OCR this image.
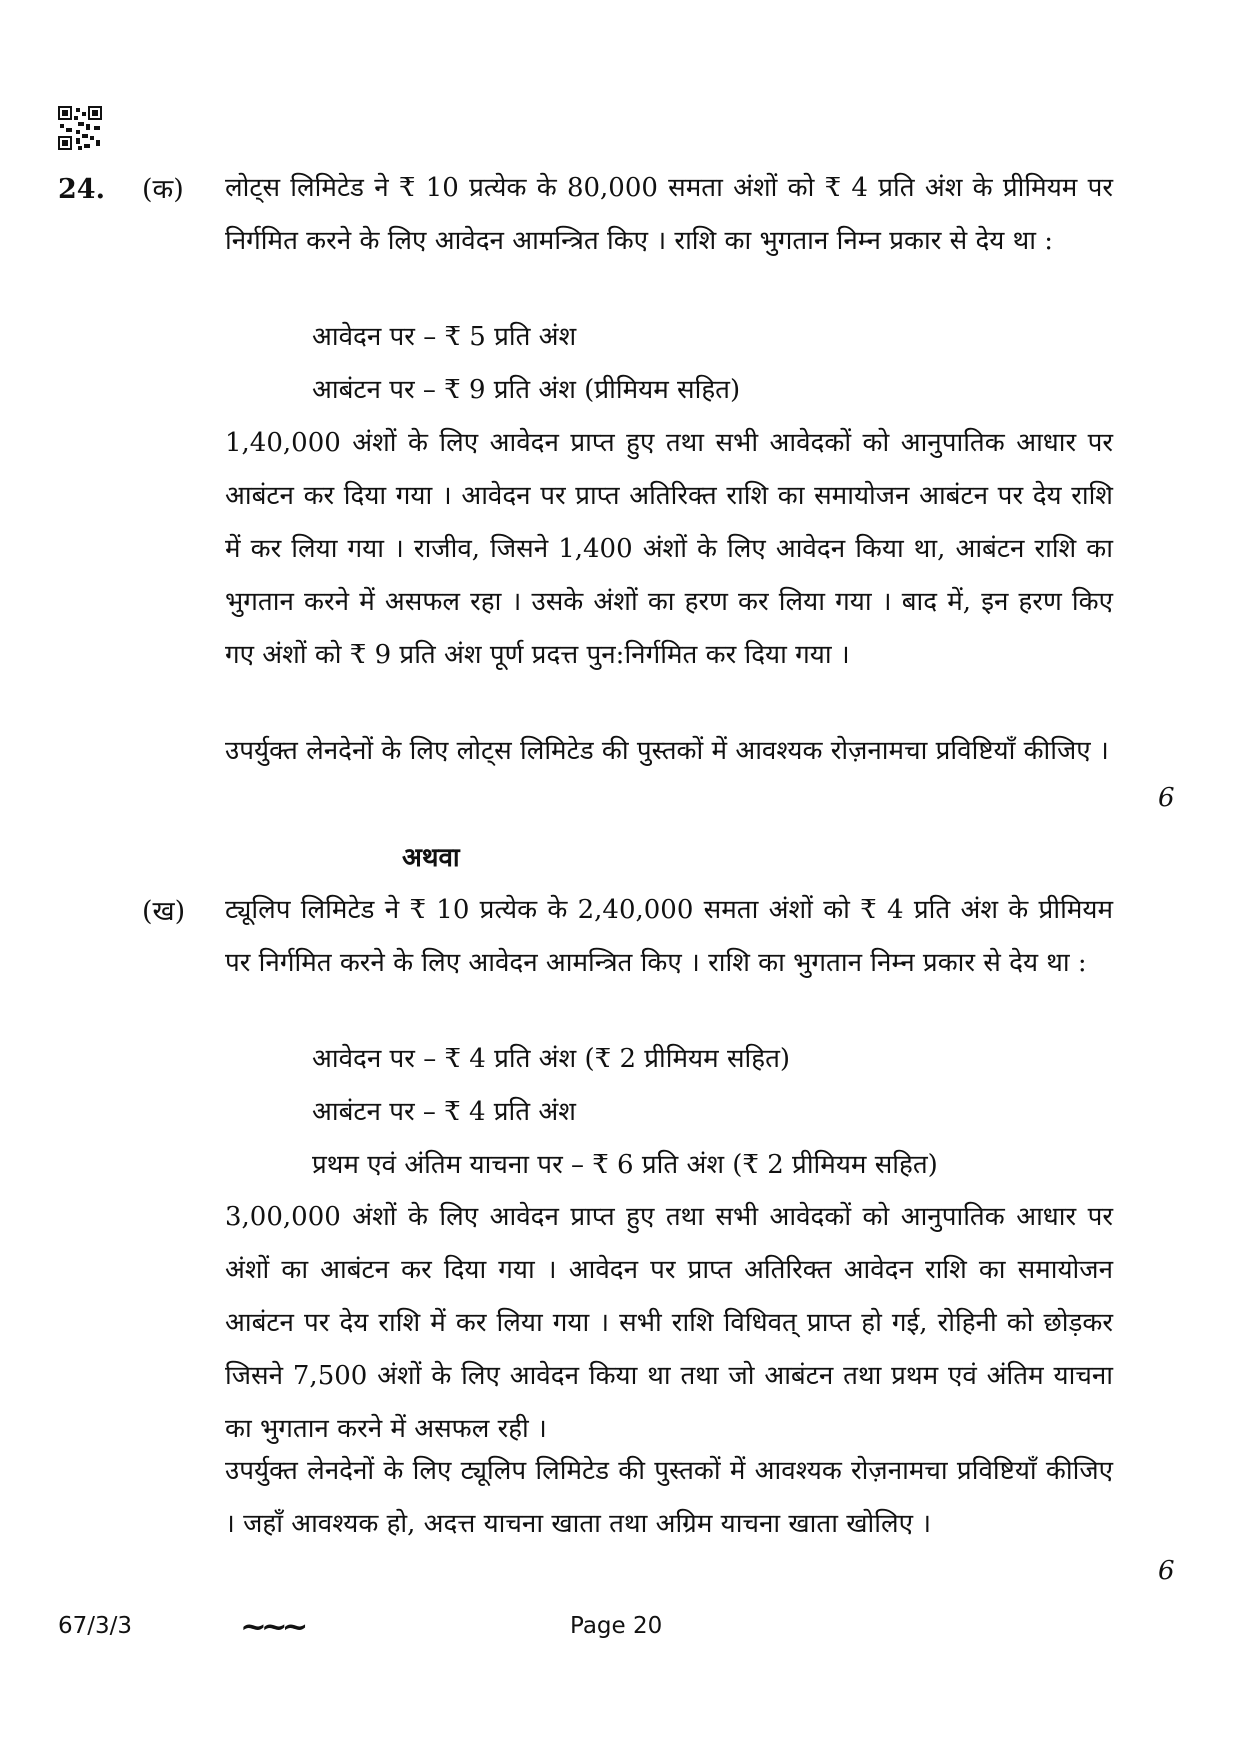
24. (क) लोट्स लिमिटेड ने ₹ 10 प्रत्येक के 80,000 समता अंशों को ₹ 4 प्रति अंश के प्रीमियम पर निर्गमित करने के लिए आवेदन आमन्त्रित किए । राशि का भुगतान निम्न प्रकार से देय था :

आवेदन पर – ₹ 5 प्रति अंश
आबंटन पर – ₹ 9 प्रति अंश (प्रीमियम सहित)

1,40,000 अंशों के लिए आवेदन प्राप्त हुए तथा सभी आवेदकों को आनुपातिक आधार पर आबंटन कर दिया गया । आवेदन पर प्राप्त अतिरिक्त राशि का समायोजन आबंटन पर देय राशि में कर लिया गया । राजीव, जिसने 1,400 अंशों के लिए आवेदन किया था, आबंटन राशि का भुगतान करने में असफल रहा । उसके अंशों का हरण कर लिया गया । बाद में, इन हरण किए गए अंशों को ₹ 9 प्रति अंश पूर्ण प्रदत्त पुन:निर्गमित कर दिया गया ।

उपर्युक्त लेनदेनों के लिए लोट्स लिमिटेड की पुस्तकों में आवश्यक रोज़नामचा प्रविष्टियाँ कीजिए ।

6
अथवा
(ख) ट्यूलिप लिमिटेड ने ₹ 10 प्रत्येक के 2,40,000 समता अंशों को ₹ 4 प्रति अंश के प्रीमियम पर निर्गमित करने के लिए आवेदन आमन्त्रित किए । राशि का भुगतान निम्न प्रकार से देय था :

आवेदन पर – ₹ 4 प्रति अंश (₹ 2 प्रीमियम सहित)
आबंटन पर – ₹ 4 प्रति अंश
प्रथम एवं अंतिम याचना पर – ₹ 6 प्रति अंश (₹ 2 प्रीमियम सहित)

3,00,000 अंशों के लिए आवेदन प्राप्त हुए तथा सभी आवेदकों को आनुपातिक आधार पर अंशों का आबंटन कर दिया गया । आवेदन पर प्राप्त अतिरिक्त आवेदन राशि का समायोजन आबंटन पर देय राशि में कर लिया गया । सभी राशि विधिवत् प्राप्त हो गई, रोहिनी को छोड़कर जिसने 7,500 अंशों के लिए आवेदन किया था तथा जो आबंटन तथा प्रथम एवं अंतिम याचना का भुगतान करने में असफल रही ।

उपर्युक्त लेनदेनों के लिए ट्यूलिप लिमिटेड की पुस्तकों में आवश्यक रोज़नामचा प्रविष्टियाँ कीजिए । जहाँ आवश्यक हो, अदत्त याचना खाता तथा अग्रिम याचना खाता खोलिए ।

6
67/3/3	~~~	Page 20
